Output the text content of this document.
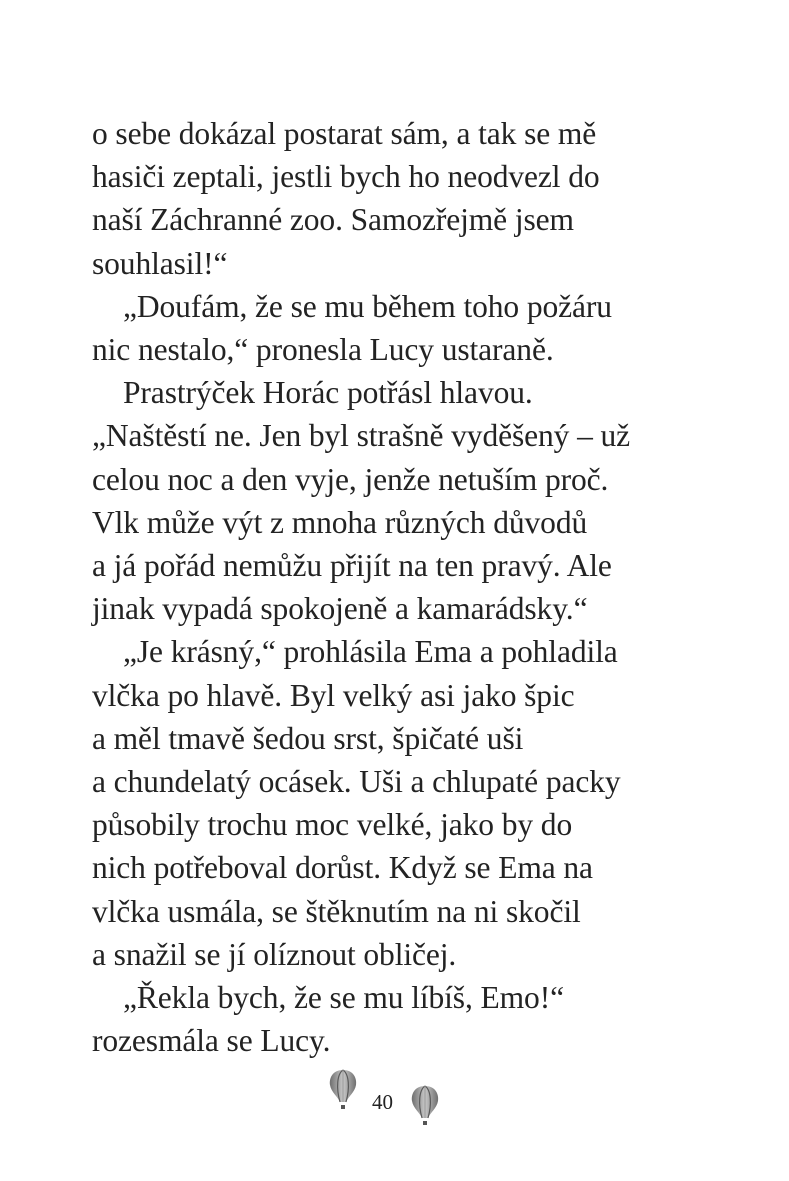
o sebe dokázal postarat sám, a tak se mě
hasiči zeptali, jestli bych ho neodvezl do
naší Záchranné zoo. Samozřejmě jsem
souhlasil!“
„Doufám, že se mu během toho požáru
nic nestalo,“ pronesla Lucy ustaraně.
Prastrýček Horác potřásl hlavou.
„Naštěstí ne. Jen byl strašně vyděšený – už
celou noc a den vyje, jenže netuším proč.
Vlk může výt z mnoha různých důvodů
a já pořád nemůžu přijít na ten pravý. Ale
jinak vypadá spokojeně a kamarádsky.“
„Je krásný,“ prohlásila Ema a pohladila
vlčka po hlavě. Byl velký asi jako špic
a měl tmavě šedou srst, špičaté uši
a chundelatý ocásek. Uši a chlupaté packy
působily trochu moc velké, jako by do
nich potřeboval dorůst. Když se Ema na
vlčka usmála, se štěknutím na ni skočil
a snažil se jí olíznout obličej.
„Řekla bych, že se mu líbíš, Emo!“
rozesmála se Lucy.
40
